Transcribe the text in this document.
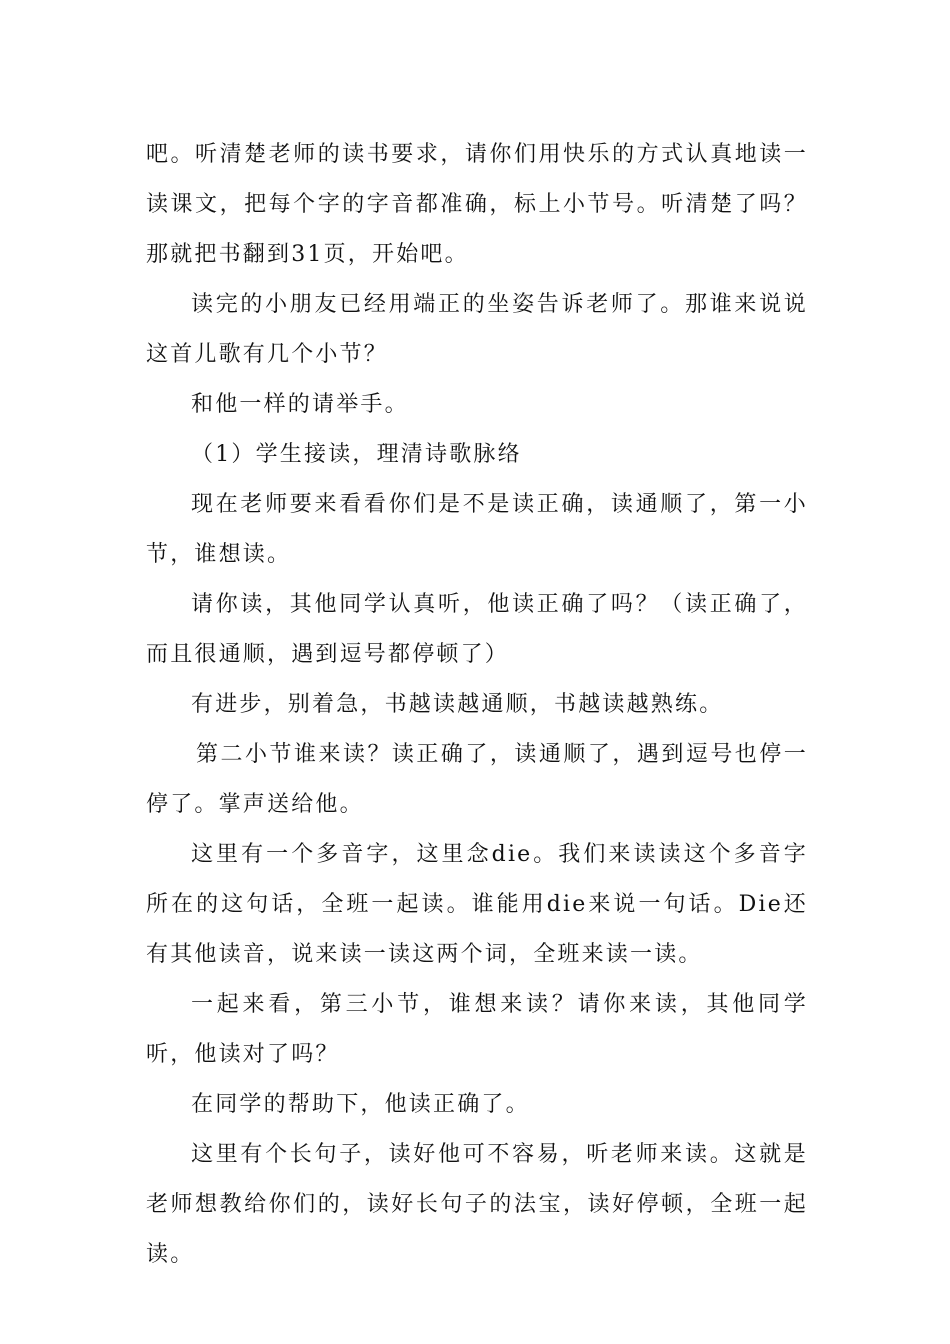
吧。听清楚老师的读书要求，请你们用快乐的方式认真地读一读课文，把每个字的字音都准确，标上小节号。听清楚了吗？那就把书翻到31页，开始吧。

读完的小朋友已经用端正的坐姿告诉老师了。那谁来说说这首儿歌有几个小节？

和他一样的请举手。

（1）学生接读，理清诗歌脉络

现在老师要来看看你们是不是读正确，读通顺了，第一小节，谁想读。

请你读，其他同学认真听，他读正确了吗？（读正确了，而且很通顺，遇到逗号都停顿了）

有进步，别着急，书越读越通顺，书越读越熟练。

第二小节谁来读？读正确了，读通顺了，遇到逗号也停一停了。掌声送给他。

这里有一个多音字，这里念die。我们来读读这个多音字所在的这句话，全班一起读。谁能用die来说一句话。Die还有其他读音，说来读一读这两个词，全班来读一读。

一起来看，第三小节，谁想来读？请你来读，其他同学听，他读对了吗？

在同学的帮助下，他读正确了。

这里有个长句子，读好他可不容易，听老师来读。这就是老师想教给你们的，读好长句子的法宝，读好停顿，全班一起读。
